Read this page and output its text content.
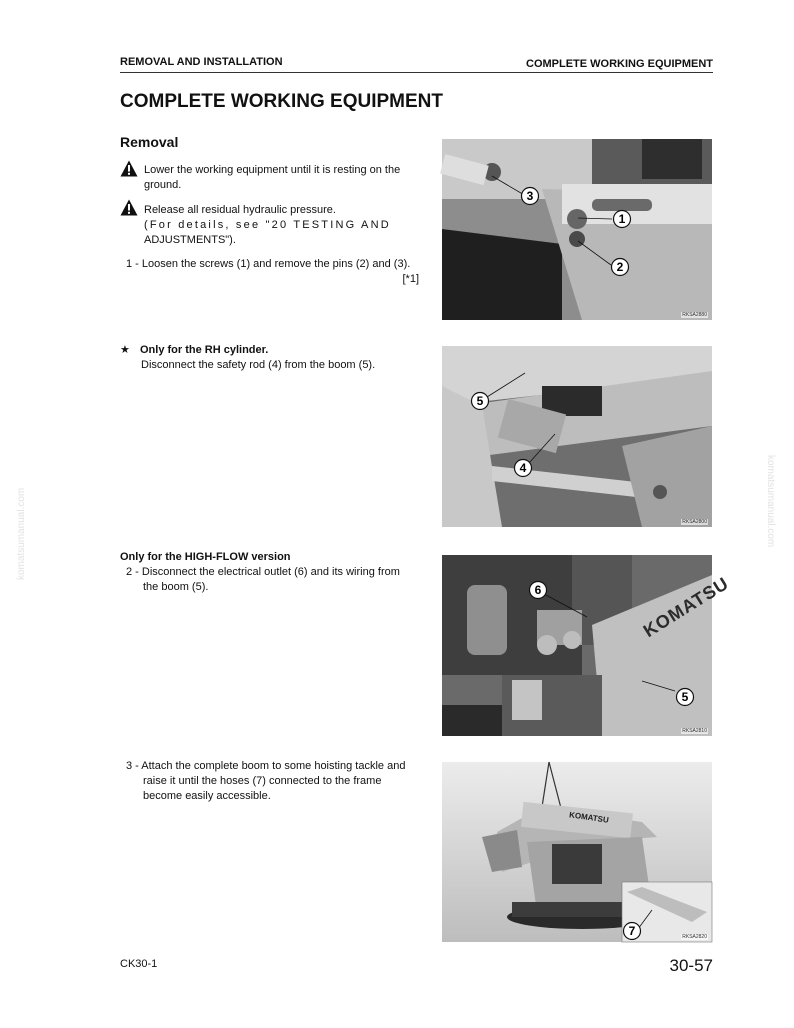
REMOVAL AND INSTALLATION	COMPLETE WORKING EQUIPMENT
komatsumanual.com	komatsumanual.com
COMPLETE WORKING EQUIPMENT
Removal
Lower the working equipment until it is resting on the ground.
Release all residual hydraulic pressure.
(For details, see "20 TESTING AND
ADJUSTMENTS").
1 - Loosen the screws (1) and remove the pins (2) and (3).
[*1]
★ Only for the RH cylinder.
Disconnect the safety rod (4) from the boom (5).
Only for the HIGH-FLOW version
2 - Disconnect the electrical outlet (6) and its wiring from
the boom (5).
3 - Attach the complete boom to some hoisting tackle and
raise it until the hoses (7) connected to the frame
become easily accessible.
3
1
2
RKSA2880
5
4
RKSA2800
KOMATSU
6
5
RKSA2810
KOMATSU
7	RKSA2820
CK30-1	30-57
